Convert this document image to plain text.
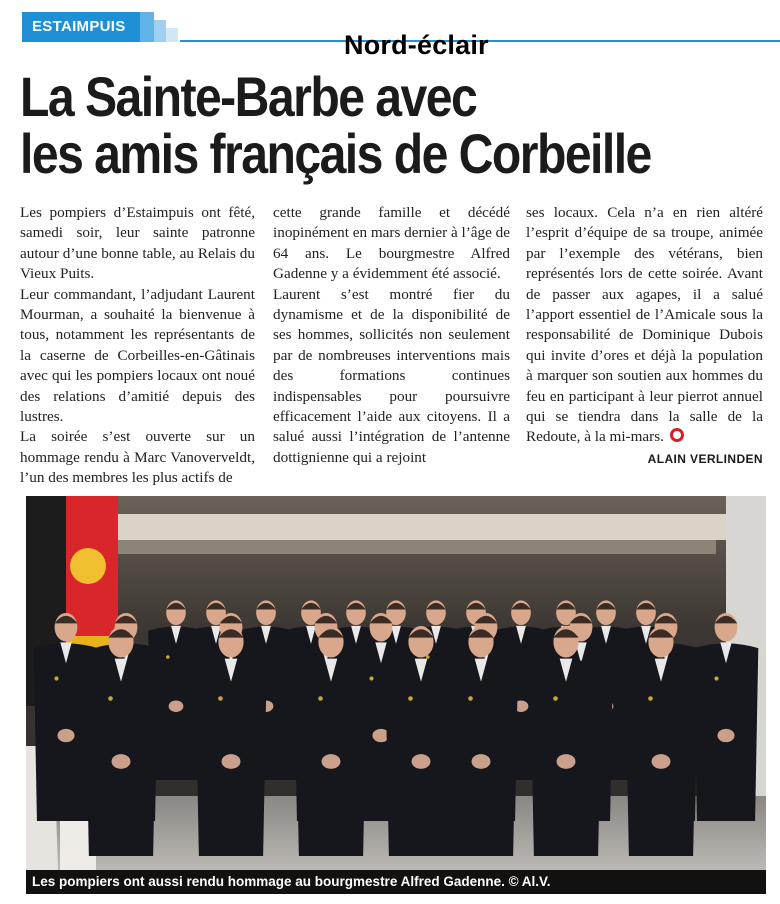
ESTAIMPUIS
Nord-éclair
La Sainte-Barbe avec
les amis français de Corbeille

Les pompiers d’Estaimpuis ont fêté, samedi soir, leur sainte patronne autour d’une bonne table, au Relais du Vieux Puits.

Leur commandant, l’adjudant Laurent Mourman, a souhaité la bienvenue à tous, notamment les représentants de la caserne de Corbeilles-en-Gâtinais avec qui les pompiers locaux ont noué des relations d’amitié depuis des lustres.

La soirée s’est ouverte sur un hommage rendu à Marc Vanoverveldt, l’un des membres les plus actifs de

cette grande famille et décédé inopinément en mars dernier à l’âge de 64 ans. Le bourgmestre Alfred Gadenne y a évidemment été associé.

Laurent s’est montré fier du dynamisme et de la disponibilité de ses hommes, sollicités non seulement par de nombreuses interventions mais des formations continues indispensables pour poursuivre efficacement l’aide aux citoyens. Il a salué aussi l’intégration de l’antenne dottignienne qui a rejoint

ses locaux. Cela n’a en rien altéré l’esprit d’équipe de sa troupe, animée par l’exemple des vétérans, bien représentés lors de cette soirée. Avant de passer aux agapes, il a salué l’apport essentiel de l’Amicale sous la responsabilité de Dominique Dubois qui invite d’ores et déjà la population à marquer son soutien aux hommes du feu en participant à leur pierrot annuel qui se tiendra dans la salle de la Redoute, à la mi-mars.

ALAIN VERLINDEN
Les pompiers ont aussi rendu hommage au bourgmestre Alfred Gadenne. © Al.V.
